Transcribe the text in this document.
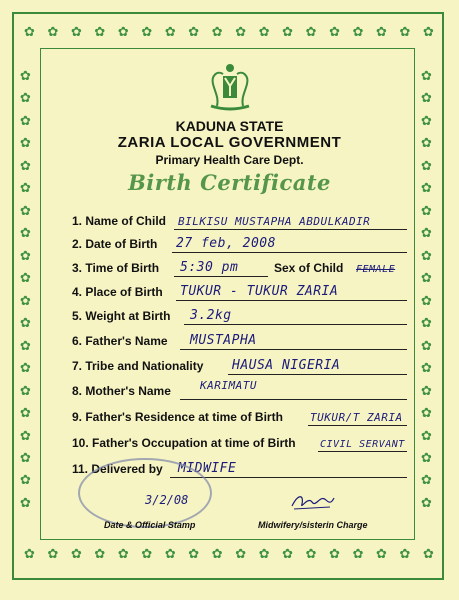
✿ ✿ ✿ ✿ ✿ ✿ ✿ ✿ ✿ ✿ ✿ ✿ ✿ ✿ ✿ ✿ ✿ ✿
✿ ✿ ✿ ✿ ✿ ✿ ✿ ✿ ✿ ✿ ✿ ✿ ✿ ✿ ✿ ✿ ✿ ✿
✿
✿
✿
✿
✿
✿
✿
✿
✿
✿
✿
✿
✿
✿
✿
✿
✿
✿
✿
✿
✿
✿
✿
✿
✿
✿
✿
✿
✿
✿
✿
✿
✿
✿
✿
✿
✿
✿
✿
✿
KADUNA STATE
ZARIA LOCAL GOVERNMENT
Primary Health Care Dept.
Birth Certificate
1. Name of Child BILKISU MUSTAPHA ABDULKADIR
2. Date of Birth 27 feb, 2008
3. Time of Birth 5:30 pm	Sex of Child FEMALE
4. Place of Birth TUKUR - TUKUR ZARIA
5. Weight at Birth 3.2kg
6. Father's Name MUSTAPHA
7. Tribe and Nationality HAUSA NIGERIA
8. Mother's Name	KARIMATU
9. Father's Residence at time of Birth TUKUR/T ZARIA
10. Father's Occupation at time of Birth CIVIL SERVANT
11. Delivered by MIDWIFE
3/2/08
Date & Official Stamp	Midwifery/sisterin Charge
